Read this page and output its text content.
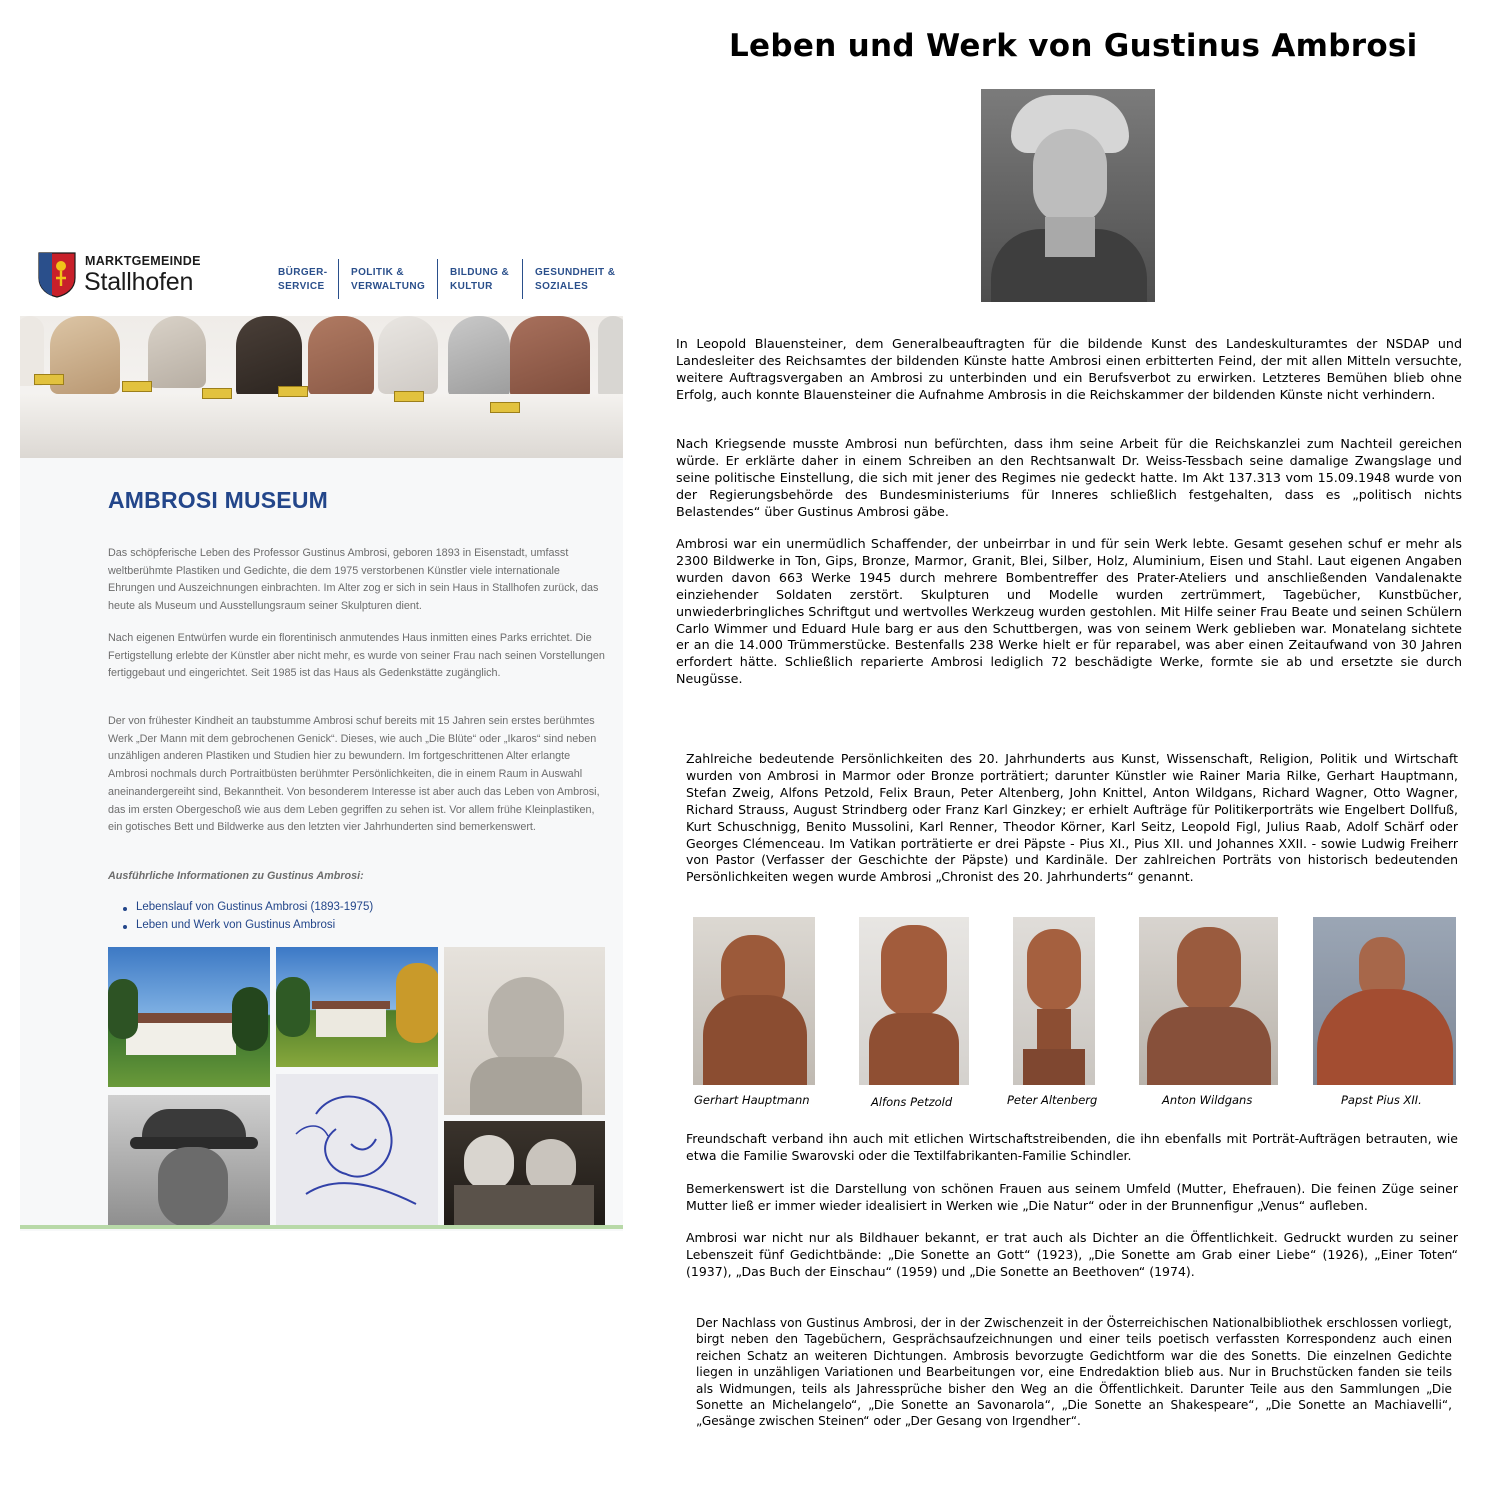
MARKTGEMEINDE
Stallhofen	BÜRGER-
SERVICE
POLITIK &
VERWALTUNG
BILDUNG &
KULTUR
GESUNDHEIT &
SOZIALES
AMBROSI MUSEUM

Das schöpferische Leben des Professor Gustinus Ambrosi, geboren 1893 in Eisenstadt, umfasst weltberühmte Plastiken und Gedichte, die dem 1975 verstorbenen Künstler viele internationale Ehrungen und Auszeichnungen einbrachten. Im Alter zog er sich in sein Haus in Stallhofen zurück, das heute als Museum und Ausstellungsraum seiner Skulpturen dient.

Nach eigenen Entwürfen wurde ein florentinisch anmutendes Haus inmitten eines Parks errichtet. Die Fertigstellung erlebte der Künstler aber nicht mehr, es wurde von seiner Frau nach seinen Vorstellungen fertiggebaut und eingerichtet. Seit 1985 ist das Haus als Gedenkstätte zugänglich.

Der von frühester Kindheit an taubstumme Ambrosi schuf bereits mit 15 Jahren sein erstes berühmtes Werk „Der Mann mit dem gebrochenen Genick“. Dieses, wie auch „Die Blüte“ oder „Ikaros“ sind neben unzähligen anderen Plastiken und Studien hier zu bewundern. Im fortgeschrittenen Alter erlangte Ambrosi nochmals durch Portraitbüsten berühmter Persönlichkeiten, die in einem Raum in Auswahl aneinandergereiht sind, Bekanntheit. Von besonderem Interesse ist aber auch das Leben von Ambrosi, das im ersten Obergeschoß wie aus dem Leben gegriffen zu sehen ist. Vor allem frühe Kleinplastiken, ein gotisches Bett und Bildwerke aus den letzten vier Jahrhunderten sind bemerkenswert.

Ausführliche Informationen zu Gustinus Ambrosi:
Lebenslauf von Gustinus Ambrosi (1893-1975)
Leben und Werk von Gustinus Ambrosi
Leben und Werk von Gustinus Ambrosi

In Leopold Blauensteiner, dem Generalbeauftragten für die bildende Kunst des Landeskulturamtes der NSDAP und Landesleiter des Reichsamtes der bildenden Künste hatte Ambrosi einen erbitterten Feind, der mit allen Mitteln versuchte, weitere Auftragsvergaben an Ambrosi zu unterbinden und ein Berufsverbot zu erwirken. Letzteres Bemühen blieb ohne Erfolg, auch konnte Blauensteiner die Aufnahme Ambrosis in die Reichskammer der bildenden Künste nicht verhindern.

Nach Kriegsende musste Ambrosi nun befürchten, dass ihm seine Arbeit für die Reichskanzlei zum Nachteil gereichen würde. Er erklärte daher in einem Schreiben an den Rechtsanwalt Dr. Weiss-Tessbach seine damalige Zwangslage und seine politische Einstellung, die sich mit jener des Regimes nie gedeckt hatte. Im Akt 137.313 vom 15.09.1948 wurde von der Regierungsbehörde des Bundesministeriums für Inneres schließlich festgehalten, dass es „politisch nichts Belastendes“ über Gustinus Ambrosi gäbe.

Ambrosi war ein unermüdlich Schaffender, der unbeirrbar in und für sein Werk lebte. Gesamt gesehen schuf er mehr als 2300 Bildwerke in Ton, Gips, Bronze, Marmor, Granit, Blei, Silber, Holz, Aluminium, Eisen und Stahl. Laut eigenen Angaben wurden davon 663 Werke 1945 durch mehrere Bombentreffer des Prater-Ateliers und anschließenden Vandalenakte einziehender Soldaten zerstört. Skulpturen und Modelle wurden zertrümmert, Tagebücher, Kunstbücher, unwiederbringliches Schriftgut und wertvolles Werkzeug wurden gestohlen. Mit Hilfe seiner Frau Beate und seinen Schülern Carlo Wimmer und Eduard Hule barg er aus den Schuttbergen, was von seinem Werk geblieben war. Monatelang sichtete er an die 14.000 Trümmerstücke. Bestenfalls 238 Werke hielt er für reparabel, was aber einen Zeitaufwand von 30 Jahren erfordert hätte. Schließlich reparierte Ambrosi lediglich 72 beschädigte Werke, formte sie ab und ersetzte sie durch Neugüsse.

Zahlreiche bedeutende Persönlichkeiten des 20. Jahrhunderts aus Kunst, Wissenschaft, Religion, Politik und Wirtschaft wurden von Ambrosi in Marmor oder Bronze porträtiert; darunter Künstler wie Rainer Maria Rilke, Gerhart Hauptmann, Stefan Zweig, Alfons Petzold, Felix Braun, Peter Altenberg, John Knittel, Anton Wildgans, Richard Wagner, Otto Wagner, Richard Strauss, August Strindberg oder Franz Karl Ginzkey; er erhielt Aufträge für Politikerporträts wie Engelbert Dollfuß, Kurt Schuschnigg, Benito Mussolini, Karl Renner, Theodor Körner, Karl Seitz, Leopold Figl, Julius Raab, Adolf Schärf oder Georges Clémenceau. Im Vatikan porträtierte er drei Päpste - Pius XI., Pius XII. und Johannes XXII. - sowie Ludwig Freiherr von Pastor (Verfasser der Geschichte der Päpste) und Kardinäle. Der zahlreichen Porträts von historisch bedeutenden Persönlichkeiten wegen wurde Ambrosi „Chronist des 20. Jahrhunderts“ genannt.

Gerhart Hauptmann	Alfons Petzold	Peter Altenberg	Anton Wildgans	Papst Pius XII.

Freundschaft verband ihn auch mit etlichen Wirtschaftstreibenden, die ihn ebenfalls mit Porträt-Aufträgen betrauten, wie etwa die Familie Swarovski oder die Textilfabrikanten-Familie Schindler.

Bemerkenswert ist die Darstellung von schönen Frauen aus seinem Umfeld (Mutter, Ehefrauen). Die feinen Züge seiner Mutter ließ er immer wieder idealisiert in Werken wie „Die Natur“ oder in der Brunnenfigur „Venus“ aufleben.

Ambrosi war nicht nur als Bildhauer bekannt, er trat auch als Dichter an die Öffentlichkeit. Gedruckt wurden zu seiner Lebenszeit fünf Gedichtbände: „Die Sonette an Gott“ (1923), „Die Sonette am Grab einer Liebe“ (1926), „Einer Toten“ (1937), „Das Buch der Einschau“ (1959) und „Die Sonette an Beethoven“ (1974).

Der Nachlass von Gustinus Ambrosi, der in der Zwischenzeit in der Österreichischen Nationalbibliothek erschlossen vorliegt, birgt neben den Tagebüchern, Gesprächsaufzeichnungen und einer teils poetisch verfassten Korrespondenz auch einen reichen Schatz an weiteren Dichtungen. Ambrosis bevorzugte Gedichtform war die des Sonetts. Die einzelnen Gedichte liegen in unzähligen Variationen und Bearbeitungen vor, eine Endredaktion blieb aus. Nur in Bruchstücken fanden sie teils als Widmungen, teils als Jahressprüche bisher den Weg an die Öffentlichkeit. Darunter Teile aus den Sammlungen „Die Sonette an Michelangelo“, „Die Sonette an Savonarola“, „Die Sonette an Shakespeare“, „Die Sonette an Machiavelli“, „Gesänge zwischen Steinen“ oder „Der Gesang von Irgendher“.
